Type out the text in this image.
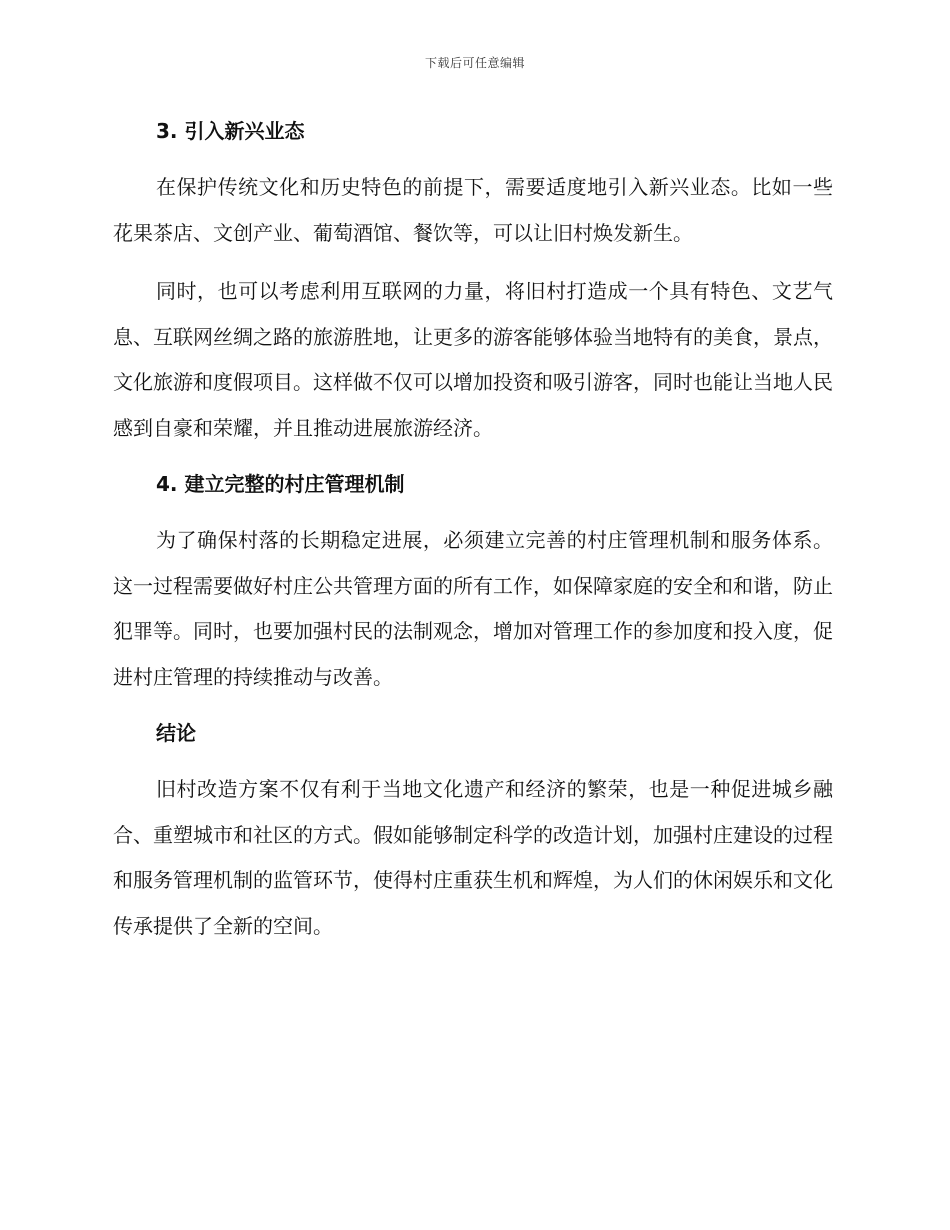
下载后可任意编辑
3. 引入新兴业态

在保护传统文化和历史特色的前提下，需要适度地引入新兴业态。比如一些花果茶店、文创产业、葡萄酒馆、餐饮等，可以让旧村焕发新生。

同时，也可以考虑利用互联网的力量，将旧村打造成一个具有特色、文艺气息、互联网丝绸之路的旅游胜地，让更多的游客能够体验当地特有的美食，景点，文化旅游和度假项目。这样做不仅可以增加投资和吸引游客，同时也能让当地人民感到自豪和荣耀，并且推动进展旅游经济。

4. 建立完整的村庄管理机制

为了确保村落的长期稳定进展，必须建立完善的村庄管理机制和服务体系。这一过程需要做好村庄公共管理方面的所有工作，如保障家庭的安全和和谐，防止犯罪等。同时，也要加强村民的法制观念，增加对管理工作的参加度和投入度，促进村庄管理的持续推动与改善。

结论

旧村改造方案不仅有利于当地文化遗产和经济的繁荣，也是一种促进城乡融合、重塑城市和社区的方式。假如能够制定科学的改造计划，加强村庄建设的过程和服务管理机制的监管环节，使得村庄重获生机和辉煌，为人们的休闲娱乐和文化传承提供了全新的空间。
